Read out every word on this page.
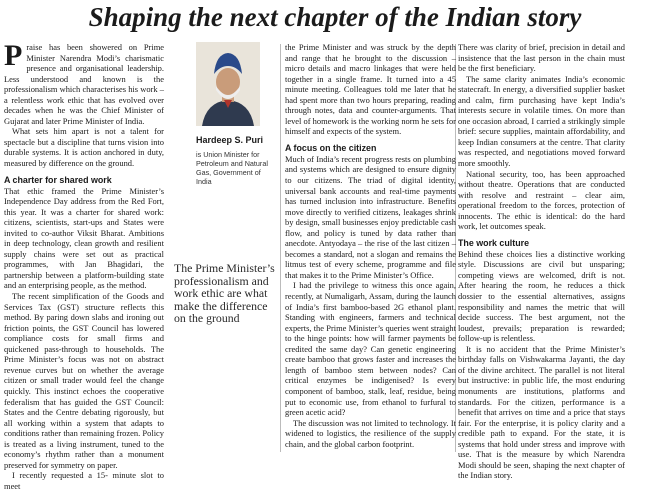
Shaping the next chapter of the Indian story

Praise has been showered on Prime Minister Narendra Modi’s charismatic presence and organisational leadership. Less understood and known is the professionalism which characterises his work – a relentless work ethic that has evolved over decades when he was the Chief Minister of Gujarat and later Prime Minister of India.

What sets him apart is not a talent for spectacle but a discipline that turns vision into durable systems. It is action anchored in duty, measured by difference on the ground.

A charter for shared work

That ethic framed the Prime Minister’s Independence Day address from the Red Fort, this year. It was a charter for shared work: citizens, scientists, start-ups and States were invited to co-author Viksit Bharat. Ambitions in deep technology, clean growth and resilient supply chains were set out as practical programmes, with Jan Bhagidari, the partnership between a platform-building state and an enterprising people, as the method.

The recent simplification of the Goods and Services Tax (GST) structure reflects this method. By paring down slabs and ironing out friction points, the GST Council has lowered compliance costs for small firms and quickened pass-through to households. The Prime Minister’s focus was not on abstract revenue curves but on whether the average citizen or small trader would feel the change quickly. This instinct echoes the cooperative federalism that has guided the GST Council: States and the Centre debating rigorously, but all working within a system that adapts to conditions rather than remaining frozen. Policy is treated as a living instrument, tuned to the economy’s rhythm rather than a monument preserved for symmetry on paper.

I recently requested a 15- minute slot to meet

Hardeep S. Puri
is Union Minister for Petroleum and Natural Gas, Government of India
The Prime Minister’s professionalism and work ethic are what make the difference on the ground

the Prime Minister and was struck by the depth and range that he brought to the discussion – micro details and macro linkages that were held together in a single frame. It turned into a 45 minute meeting. Colleagues told me later that he had spent more than two hours preparing, reading through notes, data and counter-arguments. That level of homework is the working norm he sets for himself and expects of the system.

A focus on the citizen

Much of India’s recent progress rests on plumbing and systems which are designed to ensure dignity to our citizens. The triad of digital identity, universal bank accounts and real-time payments has turned inclusion into infrastructure. Benefits move directly to verified citizens, leakages shrink by design, small businesses enjoy predictable cash flow, and policy is tuned by data rather than anecdote. Antyodaya – the rise of the last citizen – becomes a standard, not a slogan and remains the litmus test of every scheme, programme and file that makes it to the Prime Minister’s Office.

I had the privilege to witness this once again, recently, at Numaligarh, Assam, during the launch of India’s first bamboo-based 2G ethanol plant. Standing with engineers, farmers and technical experts, the Prime Minister’s queries went straight to the hinge points: how will farmer payments be credited the same day? Can genetic engineering create bamboo that grows faster and increases the length of bamboo stem between nodes? Can critical enzymes be indigenised? Is every component of bamboo, stalk, leaf, residue, being put to economic use, from ethanol to furfural to green acetic acid?

The discussion was not limited to technology. It widened to logistics, the resilience of the supply chain, and the global carbon footprint.

There was clarity of brief, precision in detail and insistence that the last person in the chain must be the first beneficiary.

The same clarity animates India’s economic statecraft. In energy, a diversified supplier basket and calm, firm purchasing have kept India’s interests secure in volatile times. On more than one occasion abroad, I carried a strikingly simple brief: secure supplies, maintain affordability, and keep Indian consumers at the centre. That clarity was respected, and negotiations moved forward more smoothly.

National security, too, has been approached without theatre. Operations that are conducted with resolve and restraint – clear aim, operational freedom to the forces, protection of innocents. The ethic is identical: do the hard work, let outcomes speak.

The work culture

Behind these choices lies a distinctive working style. Discussions are civil but unsparing; competing views are welcomed, drift is not. After hearing the room, he reduces a thick dossier to the essential alternatives, assigns responsibility and names the metric that will decide success. The best argument, not the loudest, prevails; preparation is rewarded; follow-up is relentless.

It is no accident that the Prime Minister’s birthday falls on Vishwakarma Jayanti, the day of the divine architect. The parallel is not literal but instructive: in public life, the most enduring monuments are institutions, platforms and standards. For the citizen, performance is a benefit that arrives on time and a price that stays fair. For the enterprise, it is policy clarity and a credible path to expand. For the state, it is systems that hold under stress and improve with use. That is the measure by which Narendra Modi should be seen, shaping the next chapter of the Indian story.
